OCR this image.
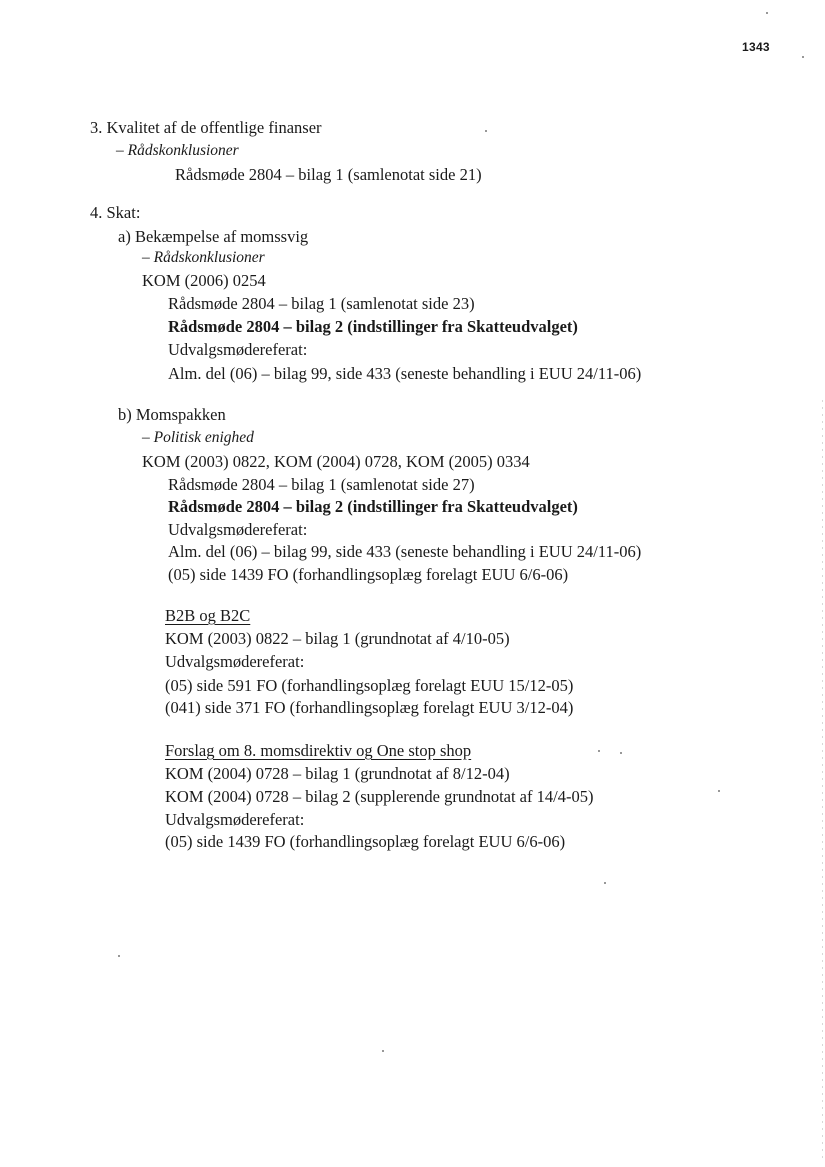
1343
3. Kvalitet af de offentlige finanser
– Rådskonklusioner
Rådsmøde 2804 – bilag 1 (samlenotat side 21)
4. Skat:
a) Bekæmpelse af momssvig
– Rådskonklusioner
KOM (2006) 0254
Rådsmøde 2804 – bilag 1 (samlenotat side 23)
Rådsmøde 2804 – bilag 2 (indstillinger fra Skatteudvalget)
Udvalgsmødereferat:
Alm. del (06) – bilag 99, side 433 (seneste behandling i EUU 24/11-06)
b) Momspakken
– Politisk enighed
KOM (2003) 0822, KOM (2004) 0728, KOM (2005) 0334
Rådsmøde 2804 – bilag 1 (samlenotat side 27)
Rådsmøde 2804 – bilag 2 (indstillinger fra Skatteudvalget)
Udvalgsmødereferat:
Alm. del (06) – bilag 99, side 433 (seneste behandling i EUU 24/11-06)
(05) side 1439 FO (forhandlingsoplæg forelagt EUU 6/6-06)
B2B og B2C
KOM (2003) 0822 – bilag 1 (grundnotat af 4/10-05)
Udvalgsmødereferat:
(05) side 591 FO (forhandlingsoplæg forelagt EUU 15/12-05)
(041) side 371 FO (forhandlingsoplæg forelagt EUU 3/12-04)
Forslag om 8. momsdirektiv og One stop shop
KOM (2004) 0728 – bilag 1 (grundnotat af 8/12-04)
KOM (2004) 0728 – bilag 2 (supplerende grundnotat af 14/4-05)
Udvalgsmødereferat:
(05) side 1439 FO (forhandlingsoplæg forelagt EUU 6/6-06)
